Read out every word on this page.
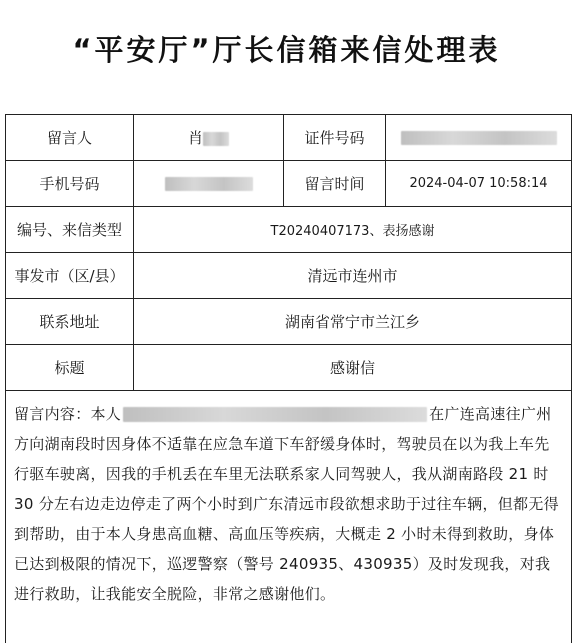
“平安厅”厅长信箱来信处理表
留言人	肖	证件号码	
手机号码		留言时间	2024-04-07 10:58:14
编号、来信类型	T20240407173、表扬感谢		
事发市（区/县）	清远市连州市		
联系地址	湖南省常宁市兰江乡		
标题	感谢信		
留言内容：本人 在广连高速往广州方向湖南段时因身体不适靠在应急车道下车舒缓身体时，驾驶员在以为我上车先行驱车驶离，因我的手机丢在车里无法联系家人同驾驶人，我从湖南路段 21 时 30 分左右边走边停走了两个小时到广东清远市段欲想求助于过往车辆，但都无得到帮助，由于本人身患高血糖、高血压等疾病，大概走 2 小时未得到救助，身体已达到极限的情况下，巡逻警察（警号 240935、430935）及时发现我，对我进行救助，让我能安全脱险，非常之感谢他们。			
